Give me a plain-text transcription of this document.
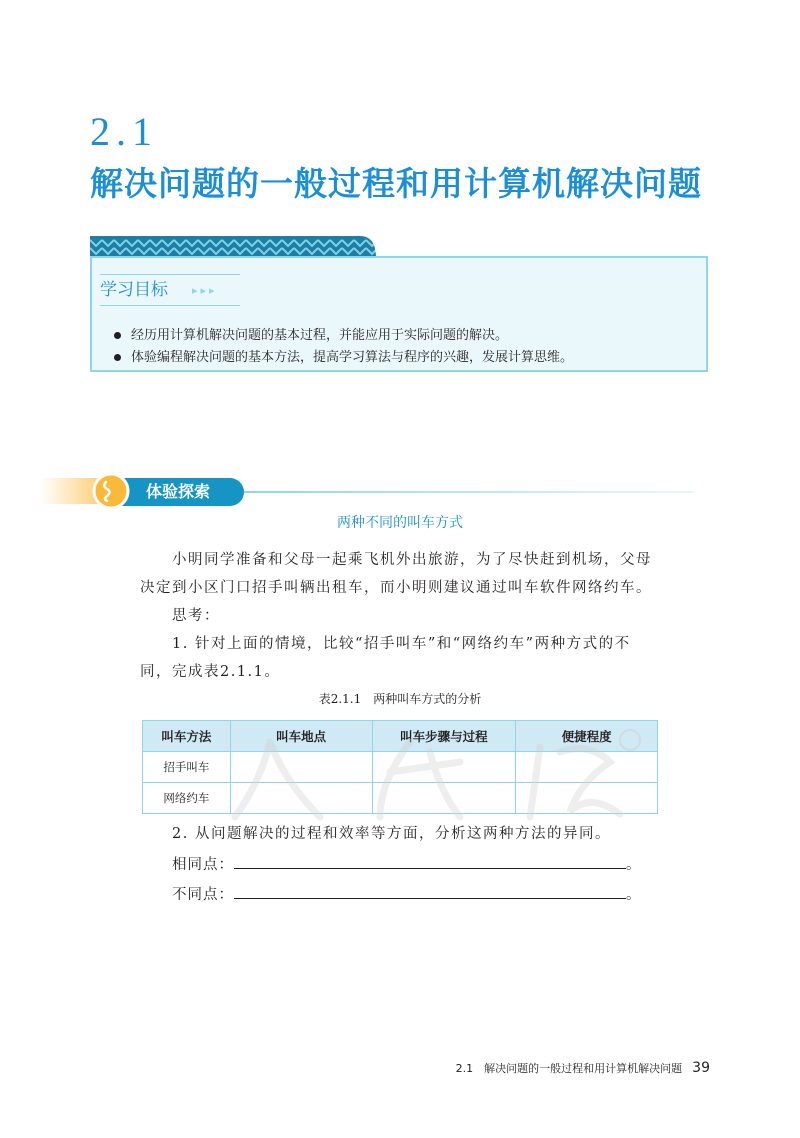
2.1
解决问题的一般过程和用计算机解决问题
学习目标	▸▸▸
经历用计算机解决问题的基本过程，并能应用于实际问题的解决。
体验编程解决问题的基本方法，提高学习算法与程序的兴趣，发展计算思维。
体验探索
两种不同的叫车方式
小明同学准备和父母一起乘飞机外出旅游，为了尽快赶到机场，父母
决定到小区门口招手叫辆出租车，而小明则建议通过叫车软件网络约车。
思考：
1. 针对上面的情境，比较“招手叫车”和“网络约车”两种方式的不
同，完成表2.1.1。
表2.1.1　两种叫车方式的分析
叫车方法	叫车地点	叫车步骤与过程	便捷程度
招手叫车			
网络约车			
2. 从问题解决的过程和效率等方面，分析这两种方法的异同。
相同点：	。
不同点：	。
2.1　解决问题的一般过程和用计算机解决问题 39
